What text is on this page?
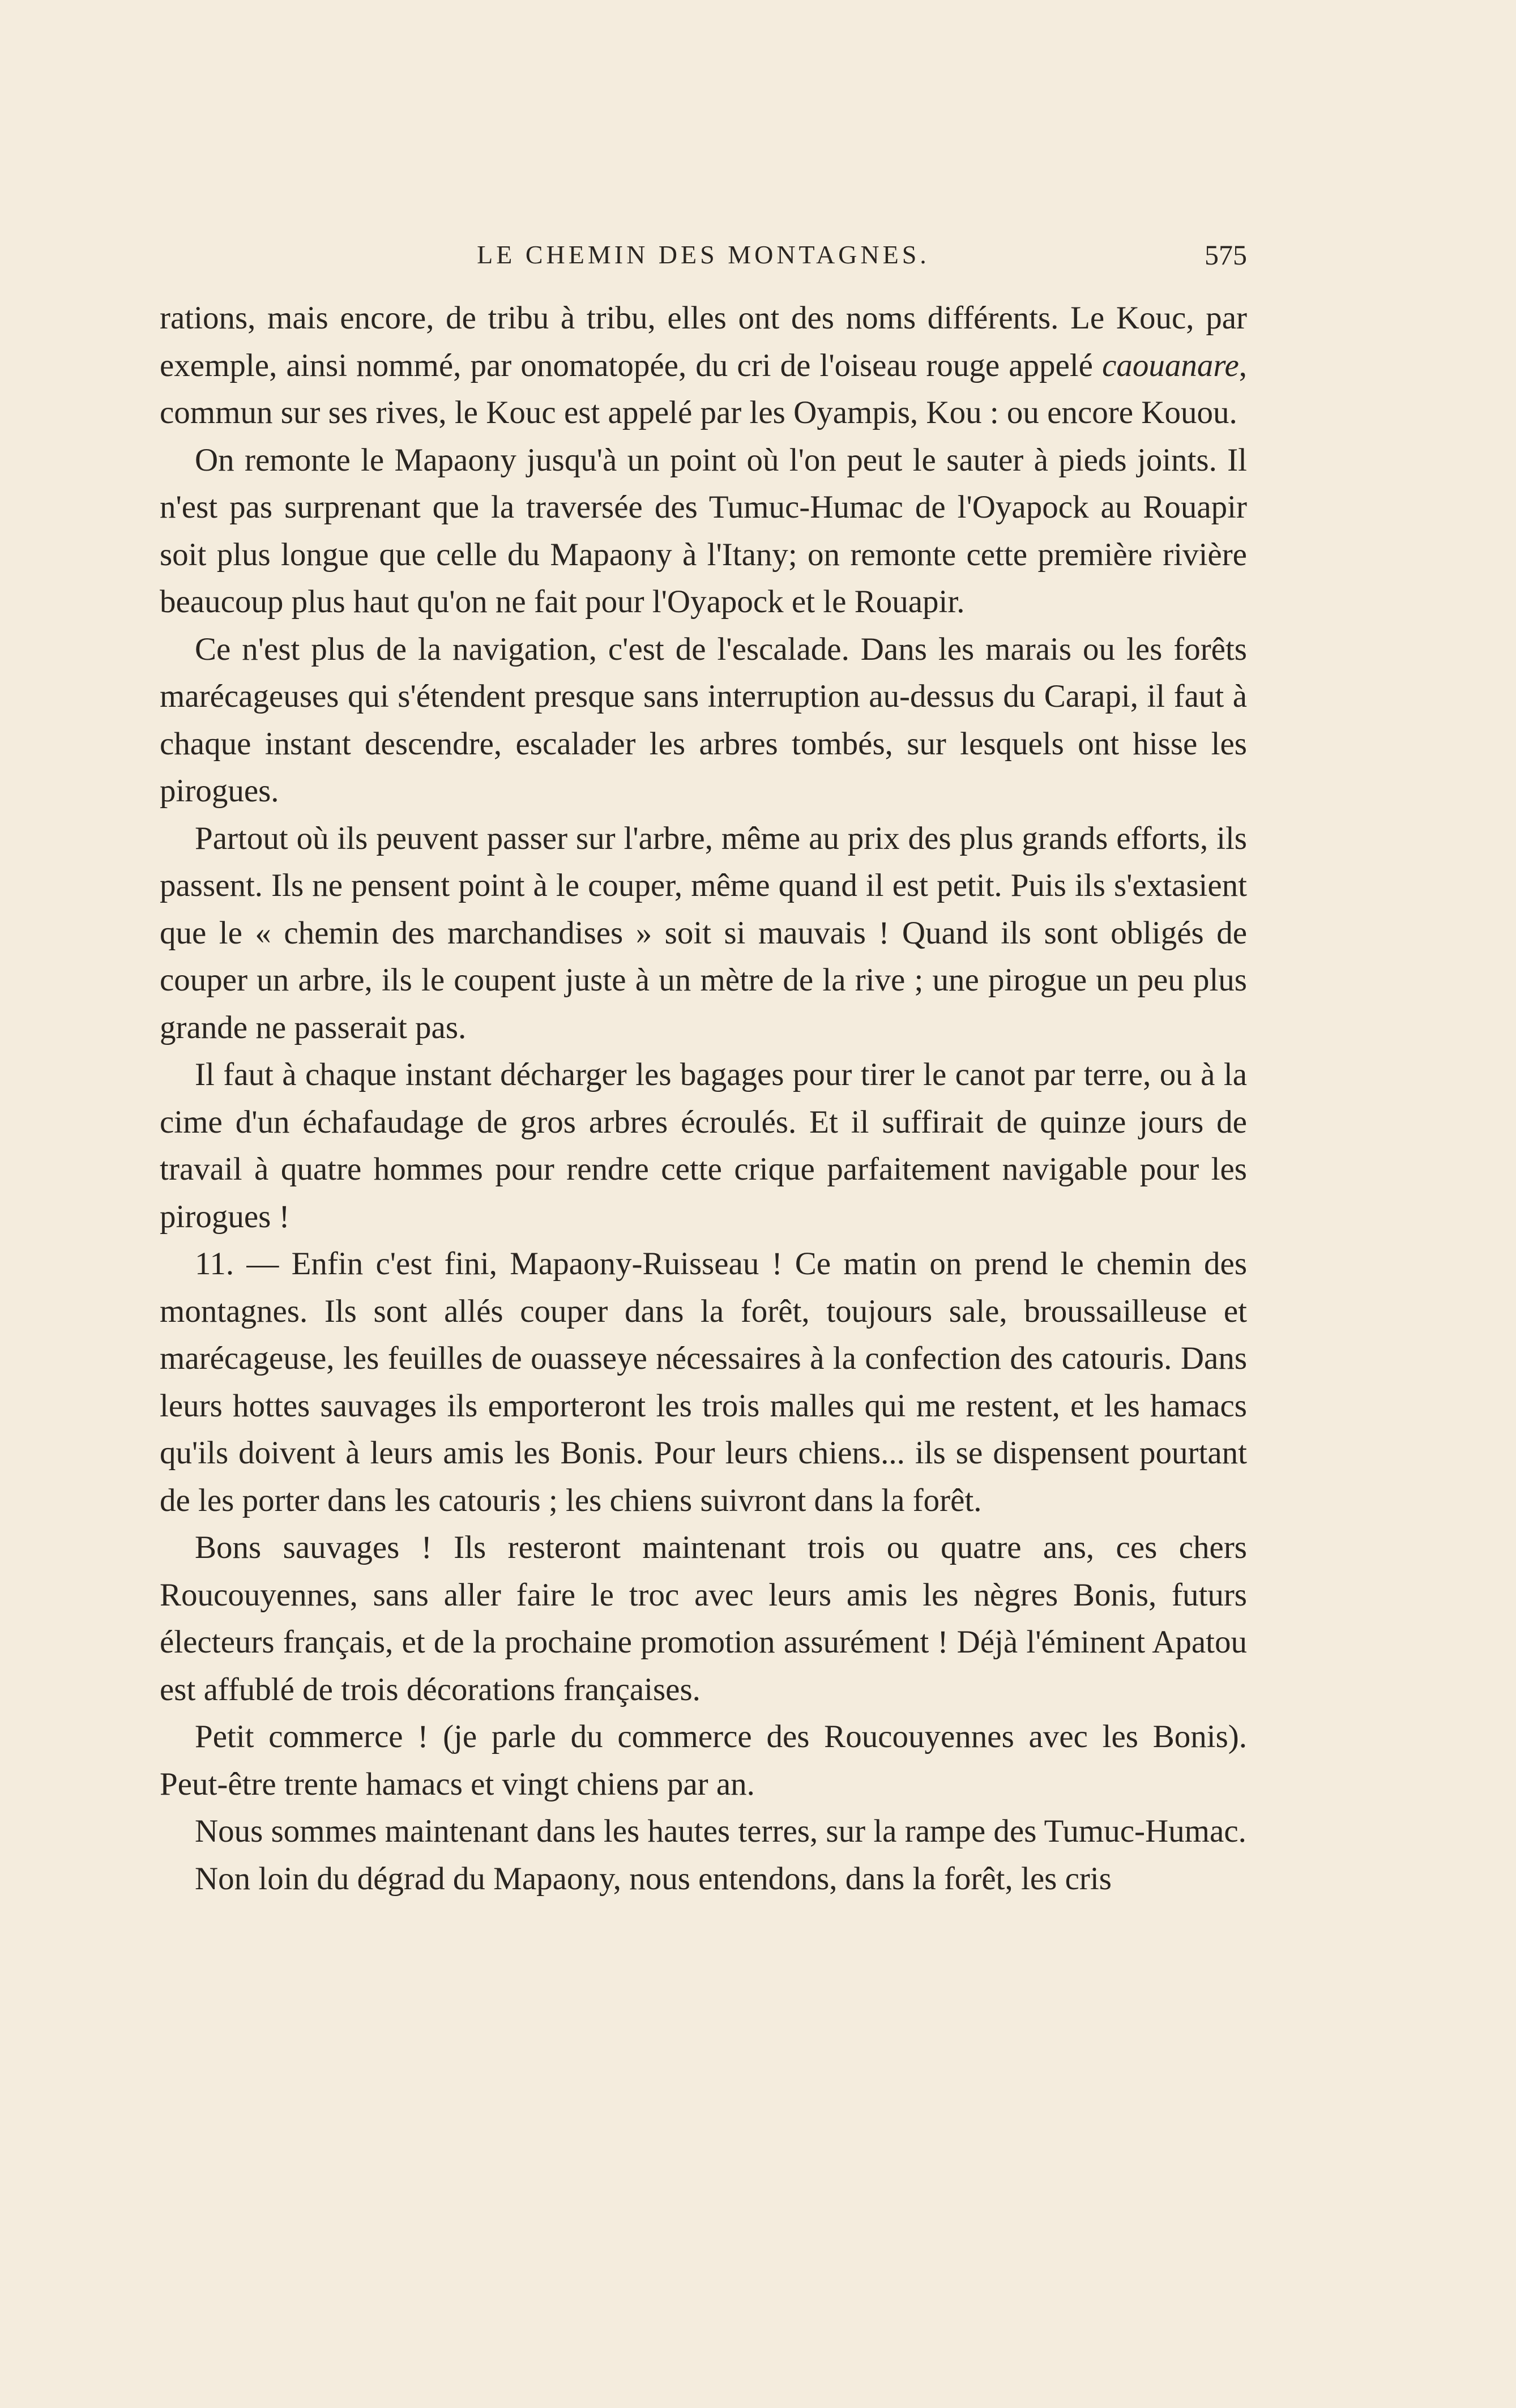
LE CHEMIN DES MONTAGNES.	575

rations, mais encore, de tribu à tribu, elles ont des noms différents. Le Kouc, par exemple, ainsi nommé, par onomatopée, du cri de l'oiseau rouge appelé caouanare, commun sur ses rives, le Kouc est appelé par les Oyampis, Kou : ou encore Kouou.

On remonte le Mapaony jusqu'à un point où l'on peut le sauter à pieds joints. Il n'est pas surprenant que la traversée des Tumuc-Humac de l'Oyapock au Rouapir soit plus longue que celle du Mapaony à l'Itany; on remonte cette première rivière beaucoup plus haut qu'on ne fait pour l'Oyapock et le Rouapir.

Ce n'est plus de la navigation, c'est de l'escalade. Dans les marais ou les forêts marécageuses qui s'étendent presque sans interruption au-dessus du Carapi, il faut à chaque instant descendre, escalader les arbres tombés, sur lesquels ont hisse les pirogues.

Partout où ils peuvent passer sur l'arbre, même au prix des plus grands efforts, ils passent. Ils ne pensent point à le couper, même quand il est petit. Puis ils s'extasient que le « chemin des marchandises » soit si mauvais ! Quand ils sont obligés de couper un arbre, ils le coupent juste à un mètre de la rive ; une pirogue un peu plus grande ne passerait pas.

Il faut à chaque instant décharger les bagages pour tirer le canot par terre, ou à la cime d'un échafaudage de gros arbres écroulés. Et il suffirait de quinze jours de travail à quatre hommes pour rendre cette crique parfaitement navigable pour les pirogues !

11. — Enfin c'est fini, Mapaony-Ruisseau ! Ce matin on prend le chemin des montagnes. Ils sont allés couper dans la forêt, toujours sale, broussailleuse et marécageuse, les feuilles de ouasseye nécessaires à la confection des catouris. Dans leurs hottes sauvages ils emporteront les trois malles qui me restent, et les hamacs qu'ils doivent à leurs amis les Bonis. Pour leurs chiens... ils se dispensent pourtant de les porter dans les catouris ; les chiens suivront dans la forêt.

Bons sauvages ! Ils resteront maintenant trois ou quatre ans, ces chers Roucouyennes, sans aller faire le troc avec leurs amis les nègres Bonis, futurs électeurs français, et de la prochaine promotion assurément ! Déjà l'éminent Apatou est affublé de trois décorations françaises.

Petit commerce ! (je parle du commerce des Roucouyennes avec les Bonis). Peut-être trente hamacs et vingt chiens par an.

Nous sommes maintenant dans les hautes terres, sur la rampe des Tumuc-Humac.

Non loin du dégrad du Mapaony, nous entendons, dans la forêt, les cris
